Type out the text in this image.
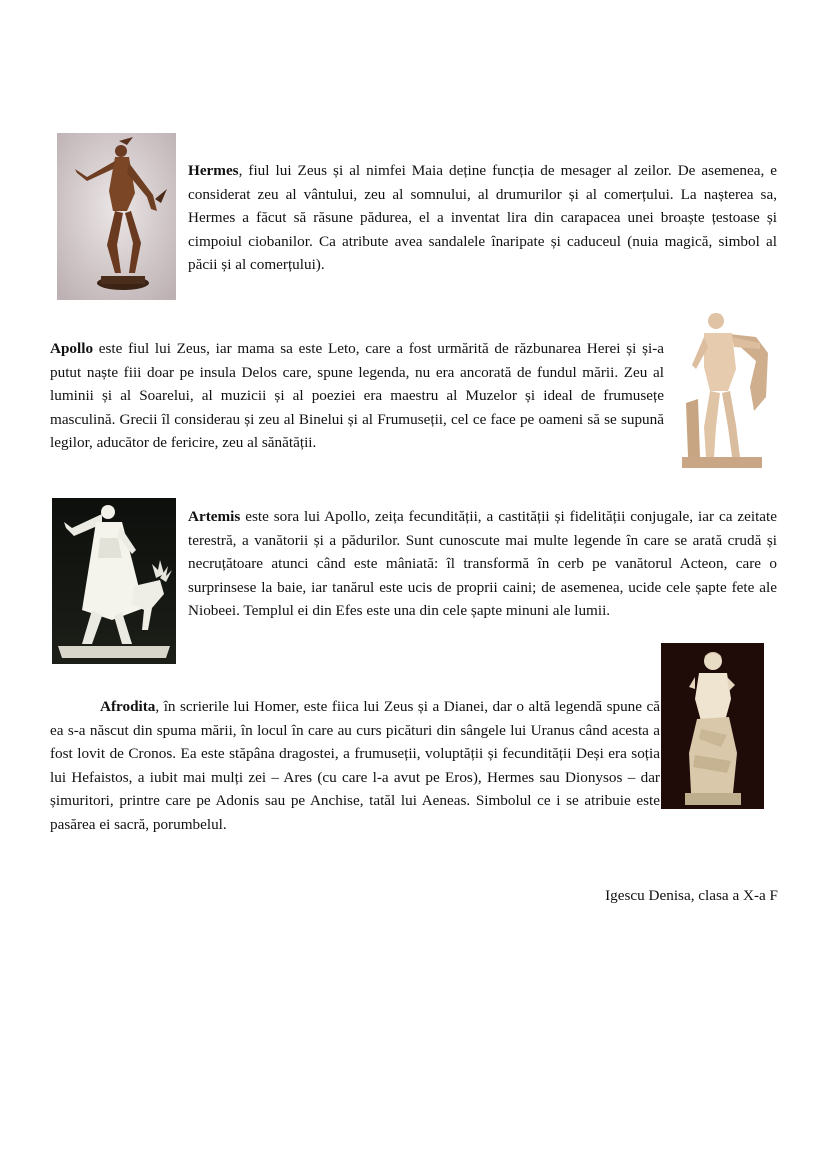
Hermes, fiul lui Zeus și al nimfei Maia deține funcția de mesager al zeilor. De asemenea, e considerat zeu al vântului, zeu al somnului, al drumurilor și al comerțului. La nașterea sa, Hermes a făcut să răsune pădurea, el a inventat lira din carapacea unei broaște țestoase și cimpoiul ciobanilor. Ca atribute avea sandalele înaripate și caduceul (nuia magică, simbol al păcii și al comerțului).

Apollo este fiul lui Zeus, iar mama sa este Leto, care a fost urmărită de răzbunarea Herei și și-a putut naște fiii doar pe insula Delos care, spune legenda, nu era ancorată de fundul mării. Zeu al luminii și al Soarelui, al muzicii și al poeziei era maestru al Muzelor și ideal de frumusețe masculină. Grecii îl considerau și zeu al Binelui și al Frumuseții, cel ce face pe oameni să se supună legilor, aducător de fericire, zeu al sănătății.

Artemis este sora lui Apollo, zeița fecundității, a castității și fidelității conjugale, iar ca zeitate terestră, a vanătorii și a pădurilor. Sunt cunoscute mai multe legende în care se arată crudă și necruțătoare atunci când este mâniată: îl transformă în cerb pe vanătorul Acteon, care o surprinsese la baie, iar tanărul este ucis de proprii caini; de asemenea, ucide cele șapte fete ale Niobeei. Templul ei din Efes este una din cele șapte minuni ale lumii.

Afrodita, în scrierile lui Homer, este fiica lui Zeus și a Dianei, dar o altă legendă spune că ea s-a născut din spuma mării, în locul în care au curs picături din sângele lui Uranus când acesta a fost lovit de Cronos. Ea este stăpâna dragostei, a frumuseții, voluptății și fecundității Deși era soția lui Hefaistos, a iubit mai mulți zei – Ares (cu care l-a avut pe Eros), Hermes sau Dionysos – dar șimuritori, printre care pe Adonis sau pe Anchise, tatăl lui Aeneas. Simbolul ce i se atribuie este pasărea ei sacră, porumbelul.

Igescu Denisa, clasa a X-a F
